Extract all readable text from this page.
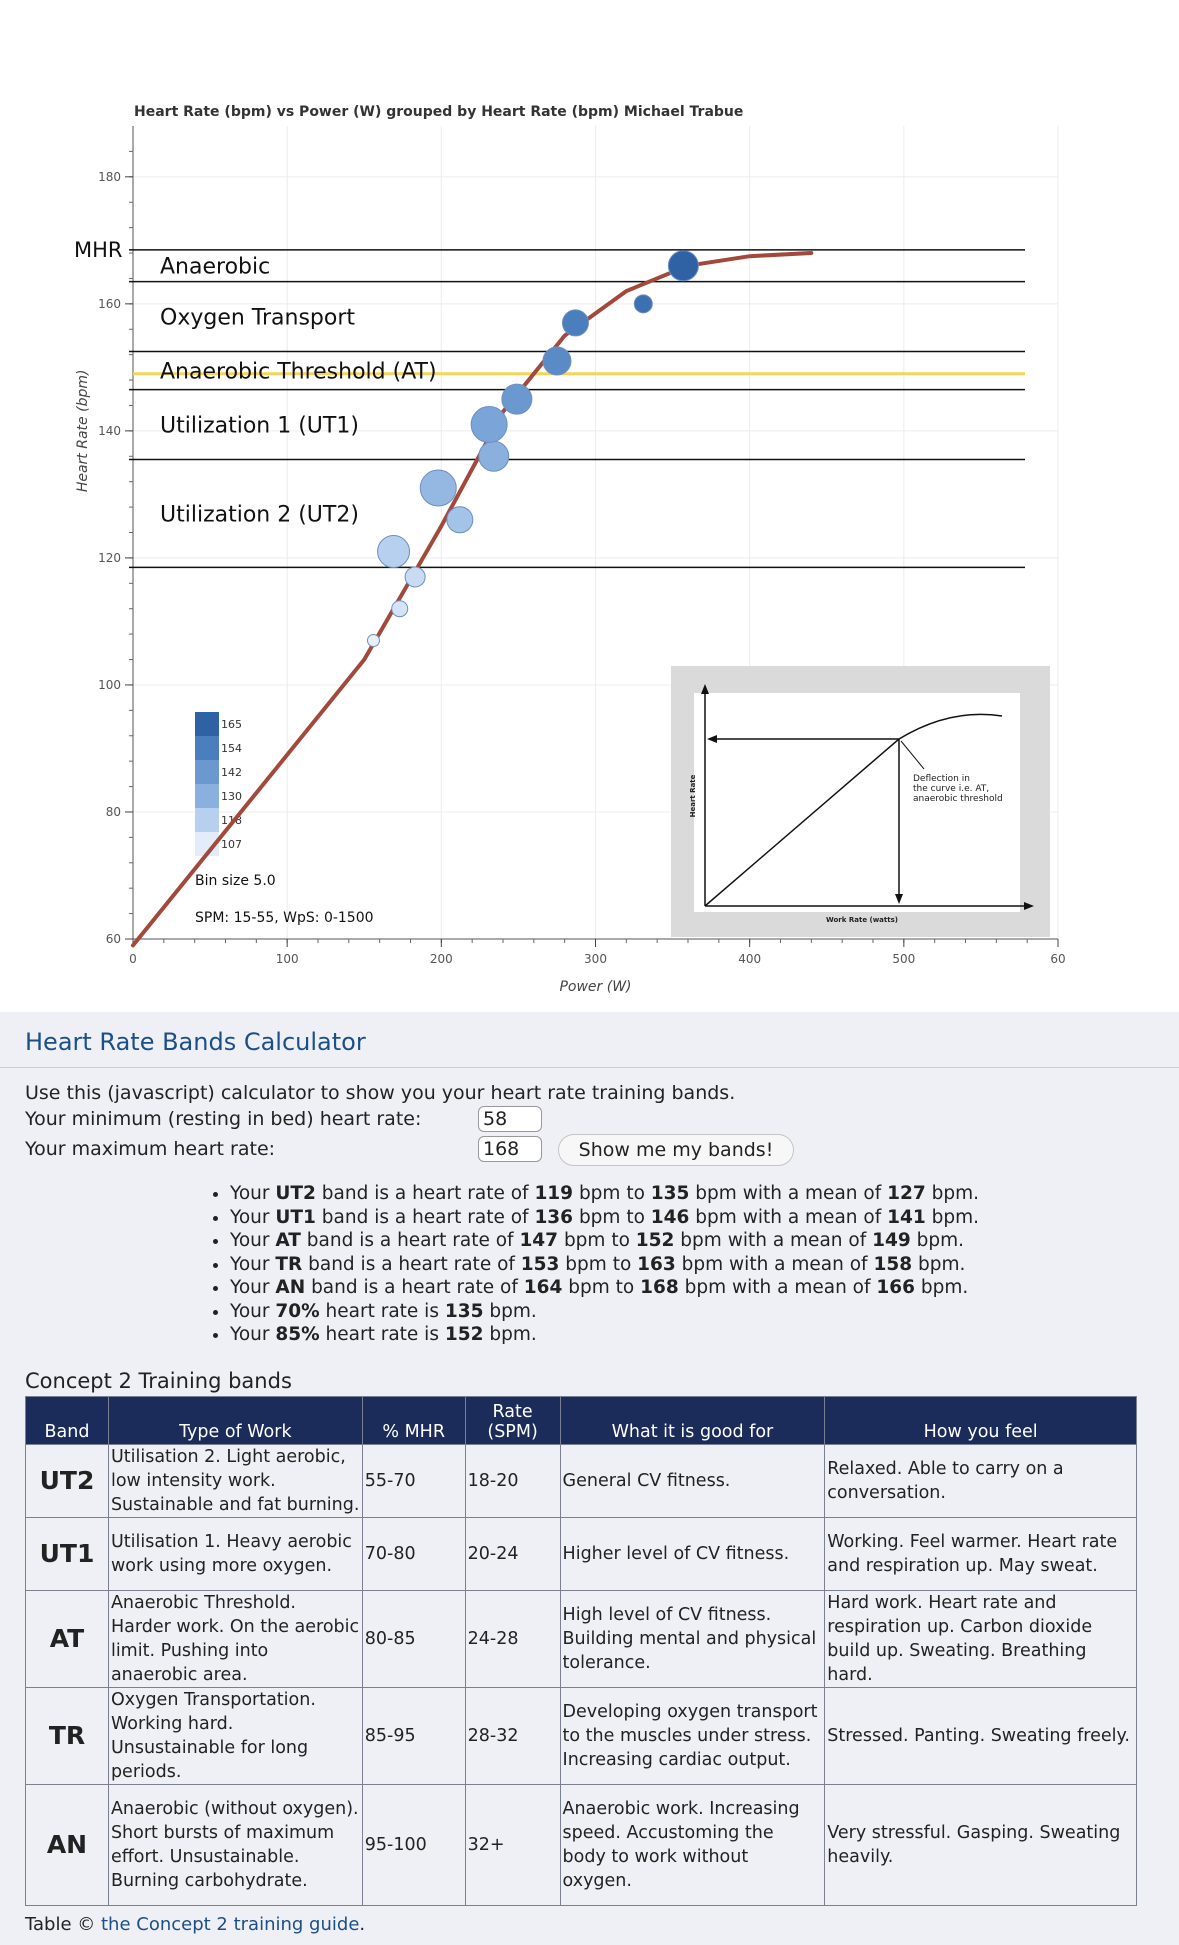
60
80
100
120
140
160
180
0	100	200	300	400	500	60
Heart Rate (bpm) vs Power (W) grouped by Heart Rate (bpm) Michael Trabue
Power (W)
Heart Rate (bpm)
MHR
Anaerobic
Oxygen Transport
Anaerobic Threshold (AT)
Utilization 1 (UT1)
Utilization 2 (UT2)
Deflection in
the curve i.e. AT,
anaerobic threshold
Work Rate (watts)
Heart Rate
165
154
142
130
118
107
Bin size 5.0
SPM: 15-55, WpS: 0-1500
Heart Rate Bands Calculator
Use this (javascript) calculator to show you your heart rate training bands.
Your minimum (resting in bed) heart rate:
58
Your maximum heart rate:
168	Show me my bands!
• Your UT2 band is a heart rate of 119 bpm to 135 bpm with a mean of 127 bpm.
• Your UT1 band is a heart rate of 136 bpm to 146 bpm with a mean of 141 bpm.
• Your AT band is a heart rate of 147 bpm to 152 bpm with a mean of 149 bpm.
• Your TR band is a heart rate of 153 bpm to 163 bpm with a mean of 158 bpm.
• Your AN band is a heart rate of 164 bpm to 168 bpm with a mean of 166 bpm.
• Your 70% heart rate is 135 bpm.
• Your 85% heart rate is 152 bpm.
Concept 2 Training bands
Band	Type of Work	% MHR	Rate (SPM)	What it is good for	How you feel
UT2	Utilisation 2. Light aerobic, low intensity work. Sustainable and fat burning.	55-70	18-20	General CV fitness.	Relaxed. Able to carry on a conversation.
UT1	Utilisation 1. Heavy aerobic work using more oxygen.	70-80	20-24	Higher level of CV fitness.	Working. Feel warmer. Heart rate and respiration up. May sweat.
AT	Anaerobic Threshold. Harder work. On the aerobic limit. Pushing into anaerobic area.	80-85	24-28	High level of CV fitness. Building mental and physical tolerance.	Hard work. Heart rate and respiration up. Carbon dioxide build up. Sweating. Breathing hard.
TR	Oxygen Transportation. Working hard. Unsustainable for long periods.	85-95	28-32	Developing oxygen transport to the muscles under stress. Increasing cardiac output.	Stressed. Panting. Sweating freely.
AN	Anaerobic (without oxygen). Short bursts of maximum effort. Unsustainable. Burning carbohydrate.	95-100	32+	Anaerobic work. Increasing speed. Accustoming the body to work without oxygen.	Very stressful. Gasping. Sweating heavily.
Table © the Concept 2 training guide.
